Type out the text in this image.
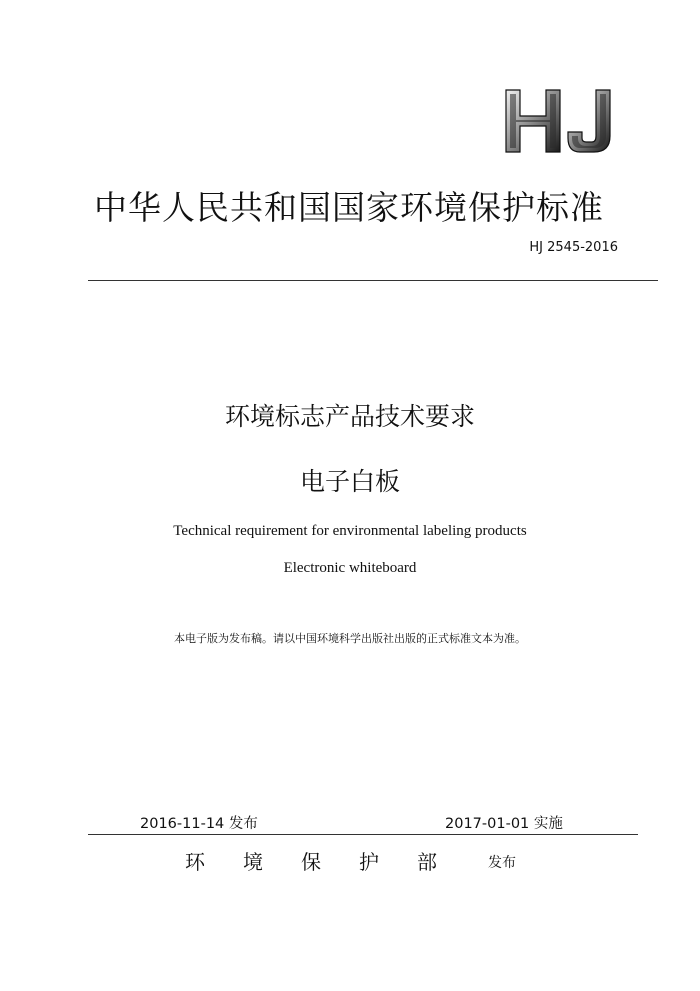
中华人民共和国国家环境保护标准
HJ 2545-2016
环境标志产品技术要求
电子白板
Technical requirement for environmental labeling products
Electronic whiteboard
本电子版为发布稿。请以中国环境科学出版社出版的正式标准文本为准。
2016-11-14 发布	2017-01-01 实施
环境保护部 发布
